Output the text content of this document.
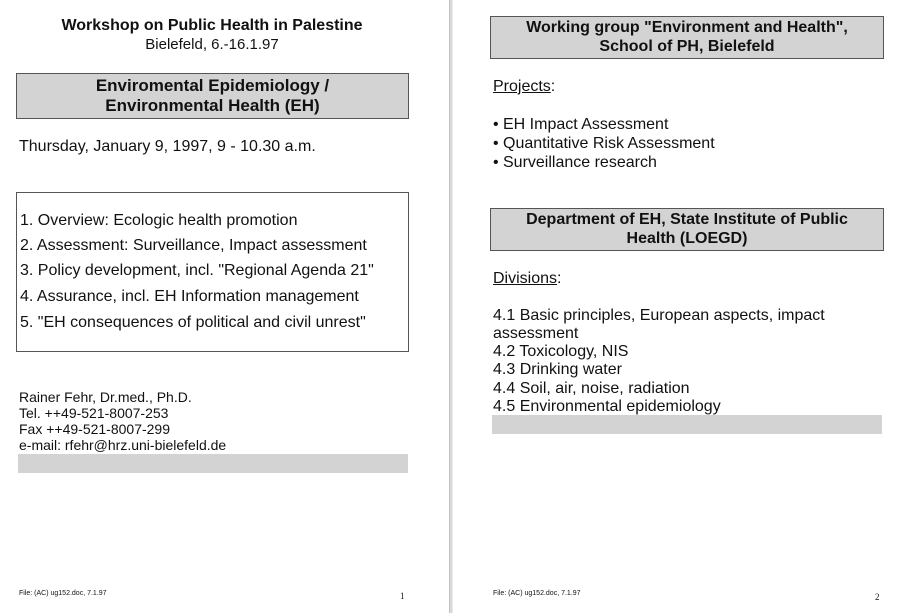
Workshop on Public Health in Palestine
Bielefeld, 6.-16.1.97
Enviromental Epidemiology /
Environmental Health (EH)
Thursday, January 9, 1997, 9 - 10.30 a.m.
1. Overview: Ecologic health promotion
2. Assessment: Surveillance, Impact assessment
3. Policy development, incl. "Regional Agenda 21"
4. Assurance, incl. EH Information management
5. "EH consequences of political and civil unrest"
Rainer Fehr, Dr.med., Ph.D.
Tel. ++49-521-8007-253
Fax ++49-521-8007-299
e-mail: rfehr@hrz.uni-bielefeld.de
File: (AC) ug152.doc, 7.1.97	1
Working group "Environment and Health",
School of PH, Bielefeld
Projects:
• EH Impact Assessment
• Quantitative Risk Assessment
• Surveillance research
Department of EH, State Institute of Public
Health (LOEGD)
Divisions:
4.1 Basic principles, European aspects, impact assessment
4.2 Toxicology, NIS
4.3 Drinking water
4.4 Soil, air, noise, radiation
4.5 Environmental epidemiology
File: (AC) ug152.doc, 7.1.97	2
